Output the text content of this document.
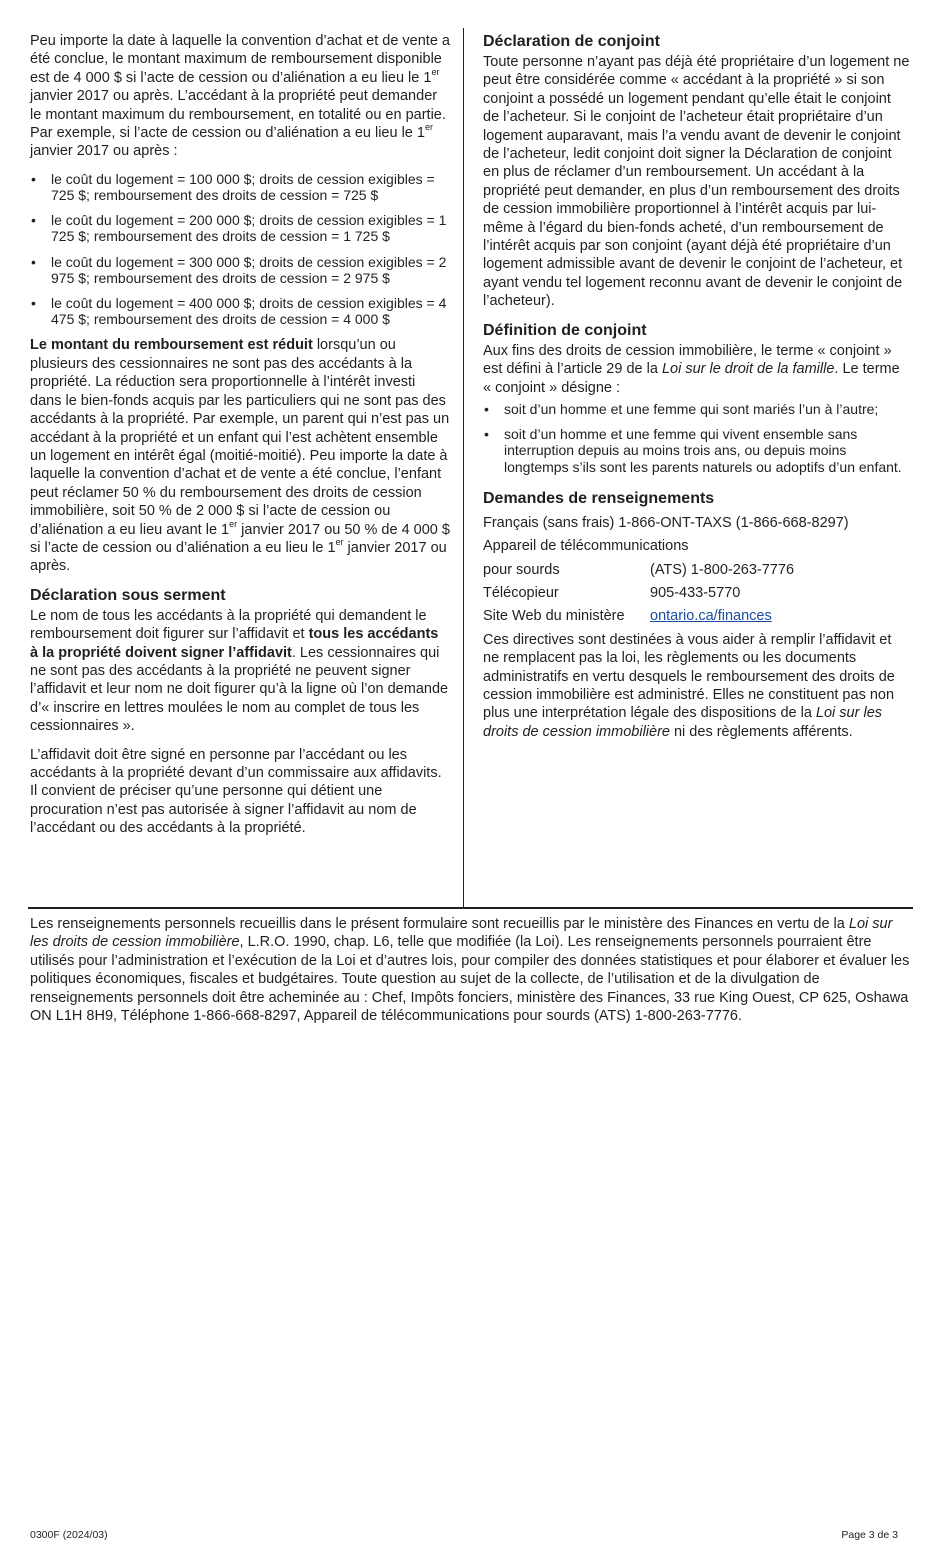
Peu importe la date à laquelle la convention d’achat et de vente a été conclue, le montant maximum de remboursement disponible est de 4 000 $ si l’acte de cession ou d’aliénation a eu lieu le 1er janvier 2017 ou après. L’accédant à la propriété peut demander le montant maximum du remboursement, en totalité ou en partie. Par exemple, si l’acte de cession ou d’aliénation a eu lieu le 1er janvier 2017 ou après :

• le coût du logement = 100 000 $; droits de cession exigibles = 725 $; remboursement des droits de cession = 725 $
• le coût du logement = 200 000 $; droits de cession exigibles = 1 725 $; remboursement des droits de cession = 1 725 $
• le coût du logement = 300 000 $; droits de cession exigibles = 2 975 $; remboursement des droits de cession = 2 975 $
• le coût du logement = 400 000 $; droits de cession exigibles = 4 475 $; remboursement des droits de cession = 4 000 $

Le montant du remboursement est réduit lorsqu’un ou plusieurs des cessionnaires ne sont pas des accédants à la propriété. La réduction sera proportionnelle à l’intérêt investi dans le bien-fonds acquis par les particuliers qui ne sont pas des accédants à la propriété. Par exemple, un parent qui n’est pas un accédant à la propriété et un enfant qui l’est achètent ensemble un logement en intérêt égal (moitié-moitié). Peu importe la date à laquelle la convention d’achat et de vente a été conclue, l’enfant peut réclamer 50 % du remboursement des droits de cession immobilière, soit 50 % de 2 000 $ si l’acte de cession ou d’aliénation a eu lieu avant le 1er janvier 2017 ou 50 % de 4 000 $ si l’acte de cession ou d’aliénation a eu lieu le 1er janvier 2017 ou après.

Déclaration sous serment

Le nom de tous les accédants à la propriété qui demandent le remboursement doit figurer sur l’affidavit et tous les accédants à la propriété doivent signer l’affidavit. Les cessionnaires qui ne sont pas des accédants à la propriété ne peuvent signer l’affidavit et leur nom ne doit figurer qu’à la ligne où l’on demande d’« inscrire en lettres moulées le nom au complet de tous les cessionnaires ».

L’affidavit doit être signé en personne par l’accédant ou les accédants à la propriété devant d’un commissaire aux affidavits. Il convient de préciser qu’une personne qui détient une procuration n’est pas autorisée à signer l’affidavit au nom de l’accédant ou des accédants à la propriété.

Déclaration de conjoint

Toute personne n’ayant pas déjà été propriétaire d’un logement ne peut être considérée comme « accédant à la propriété » si son conjoint a possédé un logement pendant qu’elle était le conjoint de l’acheteur. Si le conjoint de l’acheteur était propriétaire d’un logement auparavant, mais l’a vendu avant de devenir le conjoint de l’acheteur, ledit conjoint doit signer la Déclaration de conjoint en plus de réclamer d’un remboursement. Un accédant à la propriété peut demander, en plus d’un remboursement des droits de cession immobilière proportionnel à l’intérêt acquis par lui-même à l’égard du bien-fonds acheté, d’un remboursement de l’intérêt acquis par son conjoint (ayant déjà été propriétaire d’un logement admissible avant de devenir le conjoint de l’acheteur, et ayant vendu tel logement reconnu avant de devenir le conjoint de l’acheteur).

Définition de conjoint

Aux fins des droits de cession immobilière, le terme « conjoint » est défini à l’article 29 de la Loi sur le droit de la famille. Le terme « conjoint » désigne :

• soit d’un homme et une femme qui sont mariés l’un à l’autre;
• soit d’un homme et une femme qui vivent ensemble sans interruption depuis au moins trois ans, ou depuis moins longtemps s’ils sont les parents naturels ou adoptifs d’un enfant.
Demandes de renseignements
Français (sans frais) 1-866-ONT-TAXS (1-866-668-8297)
Appareil de télécommunications
pour sourds	(ATS) 1-800-263-7776
Télécopieur	905-433-5770
Site Web du ministère	ontario.ca/finances

Ces directives sont destinées à vous aider à remplir l’affidavit et ne remplacent pas la loi, les règlements ou les documents administratifs en vertu desquels le remboursement des droits de cession immobilière est administré. Elles ne constituent pas non plus une interprétation légale des dispositions de la Loi sur les droits de cession immobilière ni des règlements afférents.

Les renseignements personnels recueillis dans le présent formulaire sont recueillis par le ministère des Finances en vertu de la Loi sur les droits de cession immobilière, L.R.O. 1990, chap. L6, telle que modifiée (la Loi). Les renseignements personnels pourraient être utilisés pour l’administration et l’exécution de la Loi et d’autres lois, pour compiler des données statistiques et pour élaborer et évaluer les politiques économiques, fiscales et budgétaires. Toute question au sujet de la collecte, de l’utilisation et de la divulgation de renseignements personnels doit être acheminée au : Chef, Impôts fonciers, ministère des Finances, 33 rue King Ouest, CP 625, Oshawa ON L1H 8H9, Téléphone 1-866-668-8297, Appareil de télécommunications pour sourds (ATS) 1-800-263-7776.

0300F (2024/03)	Page 3 de 3
